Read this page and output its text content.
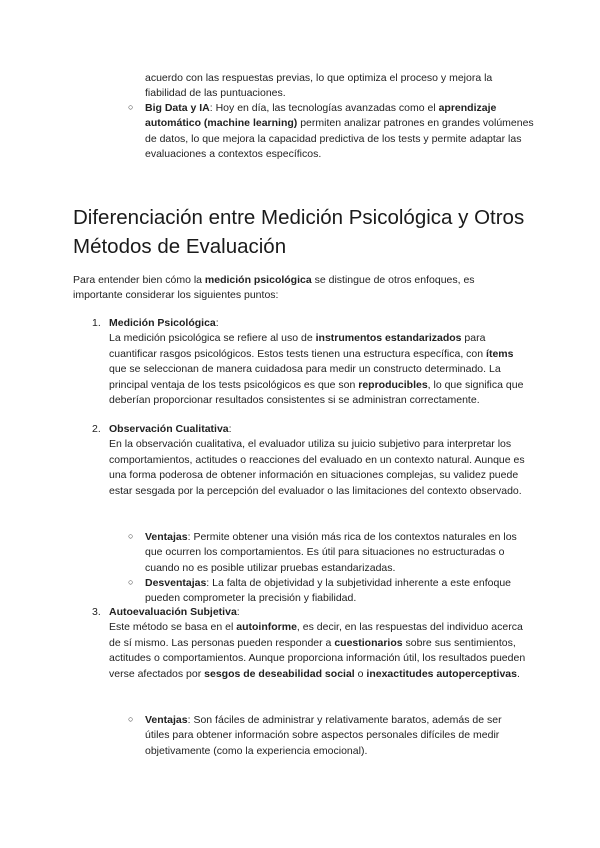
acuerdo con las respuestas previas, lo que optimiza el proceso y mejora la
fiabilidad de las puntuaciones.

○ Big Data y IA: Hoy en día, las tecnologías avanzadas como el aprendizaje automático (machine learning) permiten analizar patrones en grandes volúmenes de datos, lo que mejora la capacidad predictiva de los tests y permite adaptar las evaluaciones a contextos específicos.

Diferenciación entre Medición Psicológica y Otros Métodos de Evaluación

Para entender bien cómo la medición psicológica se distingue de otros enfoques, es importante considerar los siguientes puntos:

1. Medición Psicológica:
La medición psicológica se refiere al uso de instrumentos estandarizados para cuantificar rasgos psicológicos. Estos tests tienen una estructura específica, con ítems que se seleccionan de manera cuidadosa para medir un constructo determinado. La principal ventaja de los tests psicológicos es que son reproducibles, lo que significa que deberían proporcionar resultados consistentes si se administran correctamente.

2. Observación Cualitativa:
En la observación cualitativa, el evaluador utiliza su juicio subjetivo para interpretar los comportamientos, actitudes o reacciones del evaluado en un contexto natural. Aunque es una forma poderosa de obtener información en situaciones complejas, su validez puede estar sesgada por la percepción del evaluador o las limitaciones del contexto observado.

○ Ventajas: Permite obtener una visión más rica de los contextos naturales en los que ocurren los comportamientos. Es útil para situaciones no estructuradas o cuando no es posible utilizar pruebas estandarizadas.

○ Desventajas: La falta de objetividad y la subjetividad inherente a este enfoque pueden comprometer la precisión y fiabilidad.

3. Autoevaluación Subjetiva:
Este método se basa en el autoinforme, es decir, en las respuestas del individuo acerca de sí mismo. Las personas pueden responder a cuestionarios sobre sus sentimientos, actitudes o comportamientos. Aunque proporciona información útil, los resultados pueden verse afectados por sesgos de deseabilidad social o inexactitudes autoperceptivas.

○ Ventajas: Son fáciles de administrar y relativamente baratos, además de ser útiles para obtener información sobre aspectos personales difíciles de medir objetivamente (como la experiencia emocional).
